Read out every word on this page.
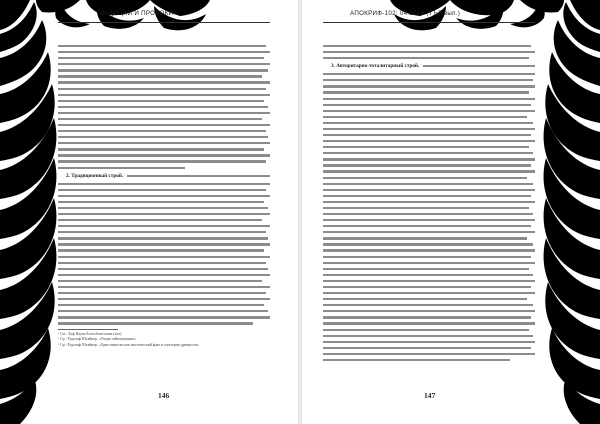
ТРАДИЦИИ И ПРОРОКИ
2. Традиционный строй.
¹ См.: Хуф Ндова Болгоблистание (хол).
² Ср.: Рудольф Штайнер. «Очерк тайноведения».
³ Ср.: Рудольф Штайнер. «Христианство как мистический факт и мистерии древности»
146
АПОКРИФ-102: 04.2016 (ТЪ2 вып.)
3. Авторитарно-тоталитарный строй.
147
